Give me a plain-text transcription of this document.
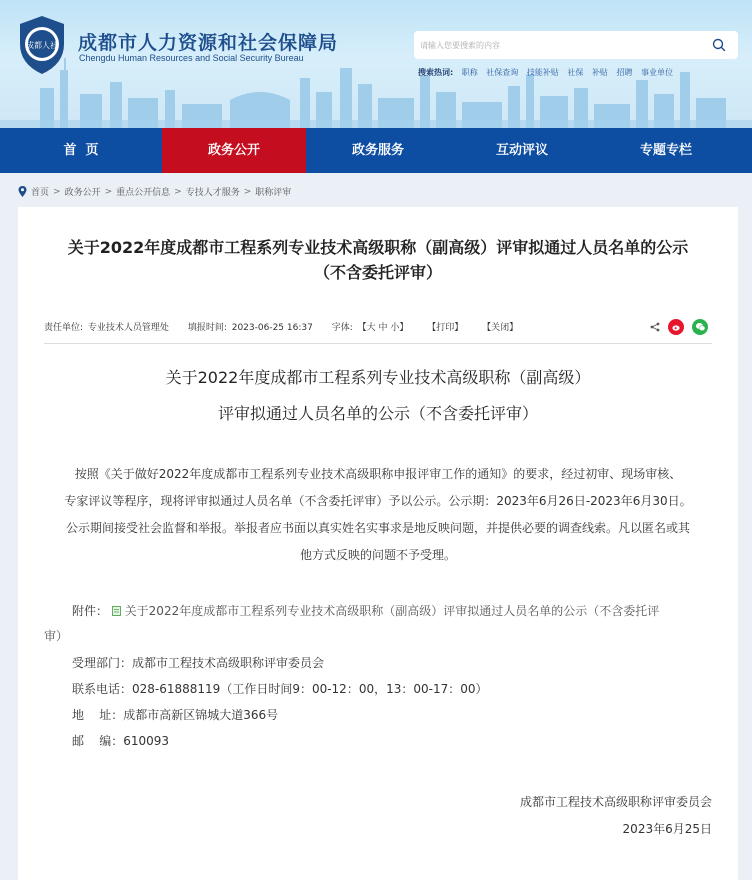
成都人社 成都市人力资源和社会保障局
Chengdu Human Resources and Social Security Bureau
请输入您要搜索的内容
搜索热词: 职称 社保查询 技能补贴 社保 补贴 招聘 事业单位
首  页	政务公开	政务服务	互动评议	专题专栏
首页 > 政务公开 > 重点公开信息 > 专技人才服务 > 职称评审
关于2022年度成都市工程系列专业技术高级职称（副高级）评审拟通过人员名单的公示
（不含委托评审）
责任单位: 专业技术人员管理处 填报时间: 2023-06-25 16:37 字体: 【大 中 小】 【打印】 【关闭】
关于2022年度成都市工程系列专业技术高级职称（副高级）
评审拟通过人员名单的公示（不含委托评审）
按照《关于做好2022年度成都市工程系列专业技术高级职称申报评审工作的通知》的要求，经过初审、现场审核、
专家评议等程序，现将评审拟通过人员名单（不含委托评审）予以公示。公示期：2023年6月26日-2023年6月30日。
公示期间接受社会监督和举报。举报者应书面以真实姓名实事求是地反映问题，并提供必要的调查线索。凡以匿名或其
他方式反映的问题不予受理。
附件： 关于2022年度成都市工程系列专业技术高级职称（副高级）评审拟通过人员名单的公示（不含委托评
审）
受理部门：成都市工程技术高级职称评审委员会
联系电话：028-61888119（工作日时间9：00-12：00，13：00-17：00）
地    址：成都市高新区锦城大道366号
邮    编：610093
成都市工程技术高级职称评审委员会
2023年6月25日
